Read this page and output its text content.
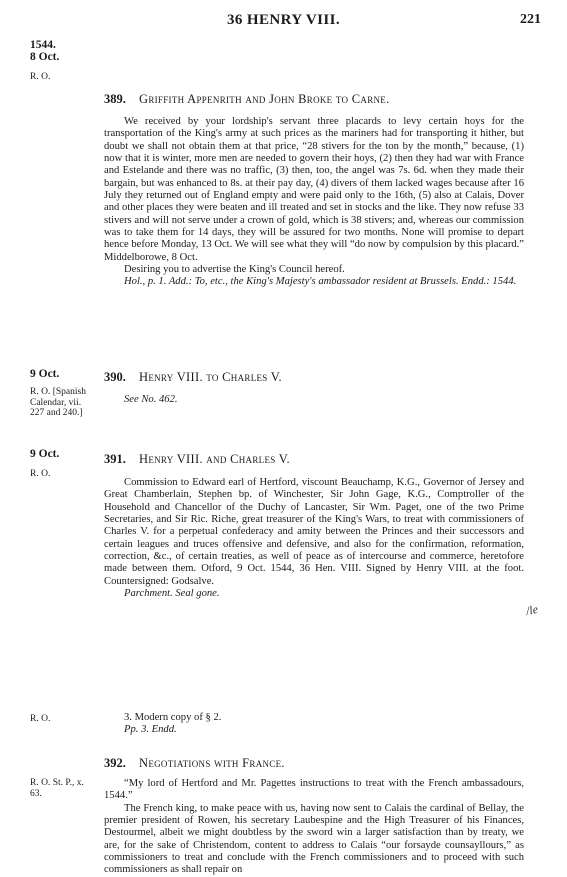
36 HENRY VIII.	221
1544.
8 Oct.
R. O.
389. Griffith Appenrith and John Broke to Carne.

We received by your lordship's servant three placards to levy certain hoys for the transportation of the King's army at such prices as the mariners had for transporting it hither, but doubt we shall not obtain them at that price, “28 stivers for the ton by the month,” because, (1) now that it is winter, more men are needed to govern their hoys, (2) then they had war with France and Estelande and there was no traffic, (3) then, too, the angel was 7s. 6d. when they made their bargain, but was enhanced to 8s. at their pay day, (4) divers of them lacked wages because after 16 July they returned out of England empty and were paid only to the 16th, (5) also at Calais, Dover and other places they were beaten and ill treated and set in stocks and the like. They now refuse 33 stivers and will not serve under a crown of gold, which is 38 stivers; and, whereas our commission was to take them for 14 days, they will be assured for two months. None will promise to depart hence before Monday, 13 Oct. We will see what they will “do now by compulsion by this placard.” Middelborowe, 8 Oct.

Desiring you to advertise the King's Council hereof.

Hol., p. 1. Add.: To, etc., the King's Majesty's ambassador resident at Brussels. Endd.: 1544.

9 Oct.
R. O. [Spanish Calendar, vii. 227 and 240.]
390. Henry VIII. to Charles V.

See No. 462.

9 Oct.
R. O.
391. Henry VIII. and Charles V.

Commission to Edward earl of Hertford, viscount Beauchamp, K.G., Governor of Jersey and Great Chamberlain, Stephen bp. of Winchester, Sir John Gage, K.G., Comptroller of the Household and Chancellor of the Duchy of Lancaster, Sir Wm. Paget, one of the two Prime Secretaries, and Sir Ric. Riche, great treasurer of the King's Wars, to treat with commissioners of Charles V. for a perpetual confederacy and amity between the Princes and their successors and certain leagues and truces offensive and defensive, and also for the confirmation, reformation, correction, &c., of certain treaties, as well of peace as of intercourse and commerce, heretofore made between them. Otford, 9 Oct. 1544, 36 Hen. VIII. Signed by Henry VIII. at the foot. Countersigned: Godsalve.

Parchment. Seal gone.

/le
R. O.	3. Modern copy of § 2.

Pp. 3. Endd.

392. Negotiations with France.
R. O. St. P., x. 63.

“My lord of Hertford and Mr. Pagettes instructions to treat with the French ambassadours, 1544.”

The French king, to make peace with us, having now sent to Calais the cardinal of Bellay, the premier president of Rowen, his secretary Laubespine and the High Treasurer of his Finances, Destourmel, albeit we might doubtless by the sword win a larger satisfaction than by treaty, we are, for the sake of Christendom, content to address to Calais “our forsayde counsayllours,” as commissioners to treat and conclude with the French commissioners and to proceed with such commissioners as shall repair on
